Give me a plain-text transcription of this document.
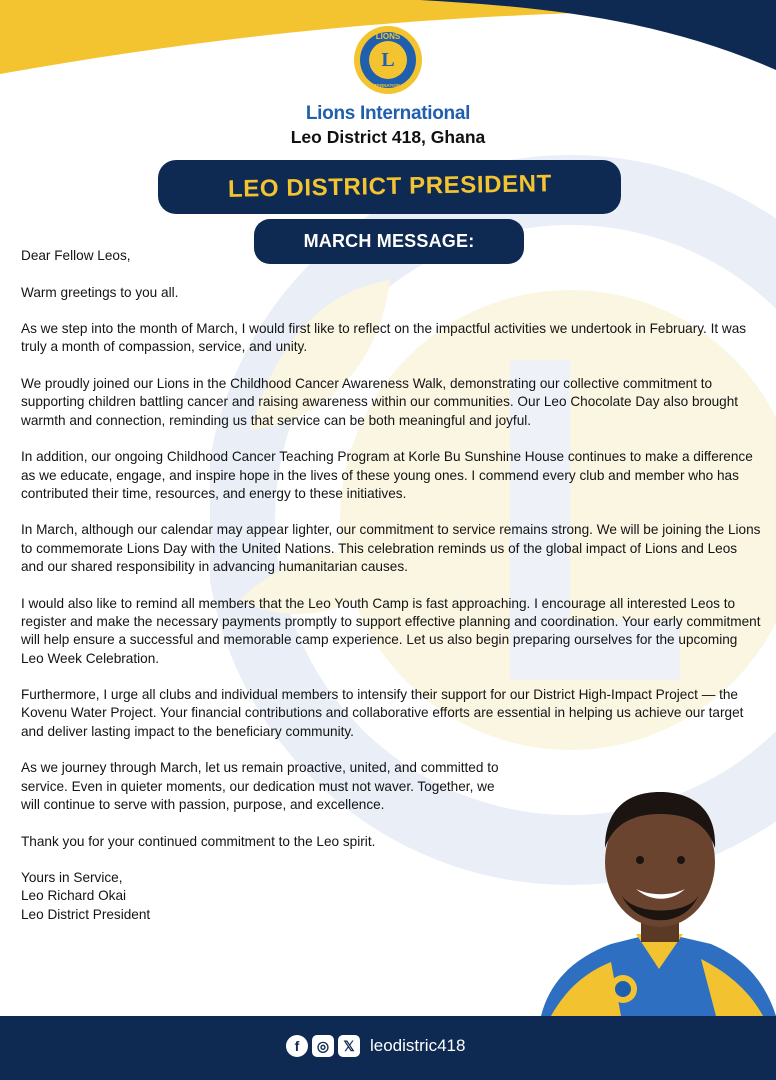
L
LIONS
INTERNATIONAL
Lions International
Leo District 418, Ghana
LEO DISTRICT PRESIDENT
MARCH MESSAGE:

Dear Fellow Leos,

Warm greetings to you all.

As we step into the month of March, I would first like to reflect on the impactful activities we undertook in February. It was truly a month of compassion, service, and unity.

We proudly joined our Lions in the Childhood Cancer Awareness Walk, demonstrating our collective commitment to supporting children battling cancer and raising awareness within our communities. Our Leo Chocolate Day also brought warmth and connection, reminding us that service can be both meaningful and joyful.

In addition, our ongoing Childhood Cancer Teaching Program at Korle Bu Sunshine House continues to make a difference as we educate, engage, and inspire hope in the lives of these young ones. I commend every club and member who has contributed their time, resources, and energy to these initiatives.

In March, although our calendar may appear lighter, our commitment to service remains strong. We will be joining the Lions to commemorate Lions Day with the United Nations. This celebration reminds us of the global impact of Lions and Leos and our shared responsibility in advancing humanitarian causes.

I would also like to remind all members that the Leo Youth Camp is fast approaching. I encourage all interested Leos to register and make the necessary payments promptly to support effective planning and coordination. Your early commitment will help ensure a successful and memorable camp experience. Let us also begin preparing ourselves for the upcoming Leo Week Celebration.

Furthermore, I urge all clubs and individual members to intensify their support for our District High-Impact Project — the Kovenu Water Project. Your financial contributions and collaborative efforts are essential in helping us achieve our target and deliver lasting impact to the beneficiary community.

As we journey through March, let us remain proactive, united, and committed to service. Even in quieter moments, our dedication must not waver. Together, we will continue to serve with passion, purpose, and excellence.

Thank you for your continued commitment to the Leo spirit.

Yours in Service,

Leo Richard Okai

Leo District President

f	◎	𝕏 leodistric418
